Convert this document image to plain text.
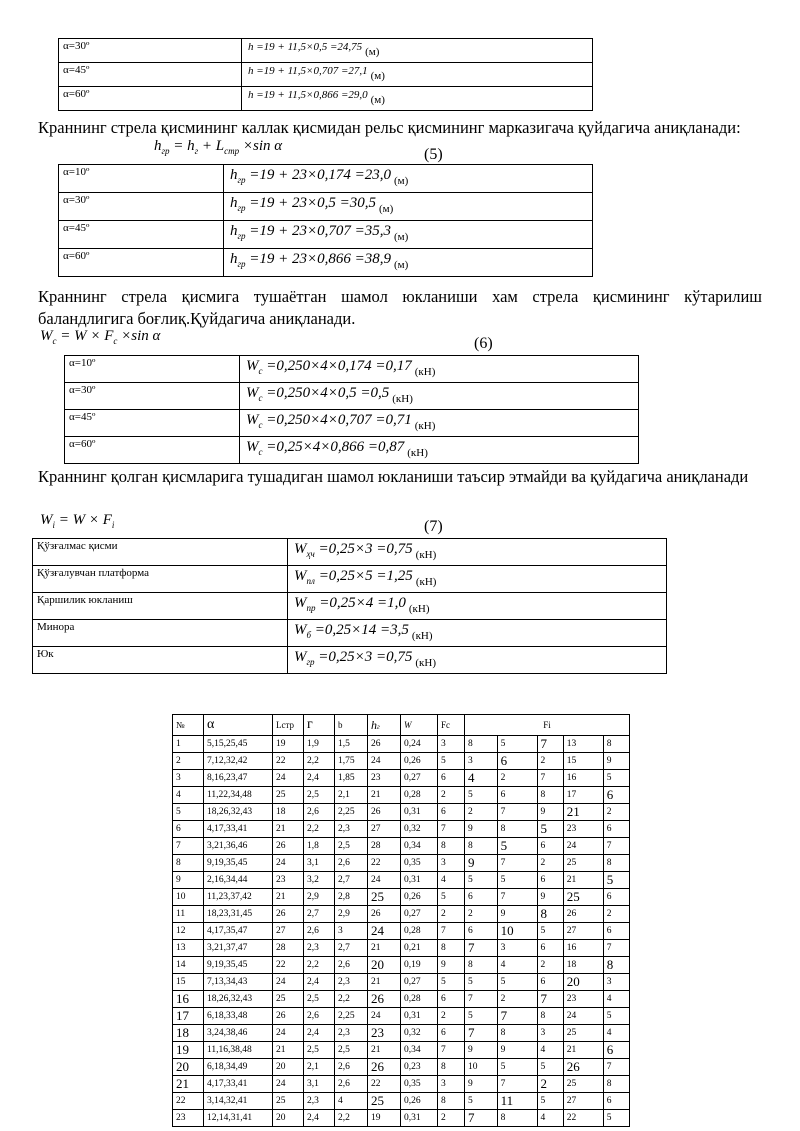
α=30º	h =19 + 11,5×0,5 =24,75 (м)
α=45º	h =19 + 11,5×0,707 =27,1 (м)
α=60º	h =19 + 11,5×0,866 =29,0 (м)
Краннинг стрела қисмининг каллак қисмидан рельс қисмининг марказигача қуйдагича аниқланади:
$h_{гр} = h_г + L_{стр} \times\sin$ α	(5)
α=10º	$h_{гр} =19 + 23\times 0,174 =23,0$ $_{(м)}$
α=30º	$h_{гр} =19 + 23\times 0,5 =30,5$ $_{(м)}$
α=45º	$h_{гр} =19 + 23\times 0,707 =35,3$ $_{(м)}$
α=60º	$h_{гр} =19 + 23\times 0,866 =38,9$ $_{(м)}$
Краннинг стрела қисмига тушаётган шамол юкланиши хам стрела қисмининг кўтарилиш баландлигига боғлиқ.Қуйдагича аниқланади.
$W_с = W \times F_c \times\sin$ α	(6)
α=10º	$W_с =0,250\times 4\times 0,174 =0,17$ $_{(кН)}$
α=30º	$W_с =0,250\times 4\times 0,5 =0,5$ $_{(кН)}$
α=45º	$W_с =0,250\times 4\times 0,707 =0,71$ $_{(кН)}$
α=60º	$W_с =0,25\times 4\times 0,866 =0,87$ $_{(кН)}$
Краннинг қолган қисмларига тушадиган шамол юкланиши таъсир этмайди ва қуйдагича аниқланади
$W_i = W \times F_i$	(7)
Қўзғалмас қисми	$W_{ҳч} =0,25\times 3 =0,75$ $_{(кН)}$
Қўзғалувчан платформа	$W_{пл} =0,25\times 5 =1,25$ $_{(кН)}$
Қаршилик юкланиш	$W_{пр} =0,25\times 4 =1,0$ $_{(кН)}$
Минора	$W_б =0,25\times 14 =3,5$ $_{(кН)}$
Юк	$W_{гр} =0,25\times 3 =0,75$ $_{(кН)}$
№	α	Lстр	г	b	hг	W	Fc	Fi				
1	5,15,25,45	19	1,9	1,5	26	0,24	3	8	5	7	13	8
2	7,12,32,42	22	2,2	1,75	24	0,26	5	3	6	2	15	9
3	8,16,23,47	24	2,4	1,85	23	0,27	6	4	2	7	16	5
4	11,22,34,48	25	2,5	2,1	21	0,28	2	5	6	8	17	6
5	18,26,32,43	18	2,6	2,25	26	0,31	6	2	7	9	21	2
6	4,17,33,41	21	2,2	2,3	27	0,32	7	9	8	5	23	6
7	3,21,36,46	26	1,8	2,5	28	0,34	8	8	5	6	24	7
8	9,19,35,45	24	3,1	2,6	22	0,35	3	9	7	2	25	8
9	2,16,34,44	23	3,2	2,7	24	0,31	4	5	5	6	21	5
10	11,23,37,42	21	2,9	2,8	25	0,26	5	6	7	9	25	6
11	18,23,31,45	26	2,7	2,9	26	0,27	2	2	9	8	26	2
12	4,17,35,47	27	2,6	3	24	0,28	7	6	10	5	27	6
13	3,21,37,47	28	2,3	2,7	21	0,21	8	7	3	6	16	7
14	9,19,35,45	22	2,2	2,6	20	0,19	9	8	4	2	18	8
15	7,13,34,43	24	2,4	2,3	21	0,27	5	5	5	6	20	3
16	18,26,32,43	25	2,5	2,2	26	0,28	6	7	2	7	23	4
17	6,18,33,48	26	2,6	2,25	24	0,31	2	5	7	8	24	5
18	3,24,38,46	24	2,4	2,3	23	0,32	6	7	8	3	25	4
19	11,16,38,48	21	2,5	2,5	21	0,34	7	9	9	4	21	6
20	6,18,34,49	20	2,1	2,6	26	0,23	8	10	5	5	26	7
21	4,17,33,41	24	3,1	2,6	22	0,35	3	9	7	2	25	8
22	3,14,32,41	25	2,3	4	25	0,26	8	5	11	5	27	6
23	12,14,31,41	20	2,4	2,2	19	0,31	2	7	8	4	22	5
